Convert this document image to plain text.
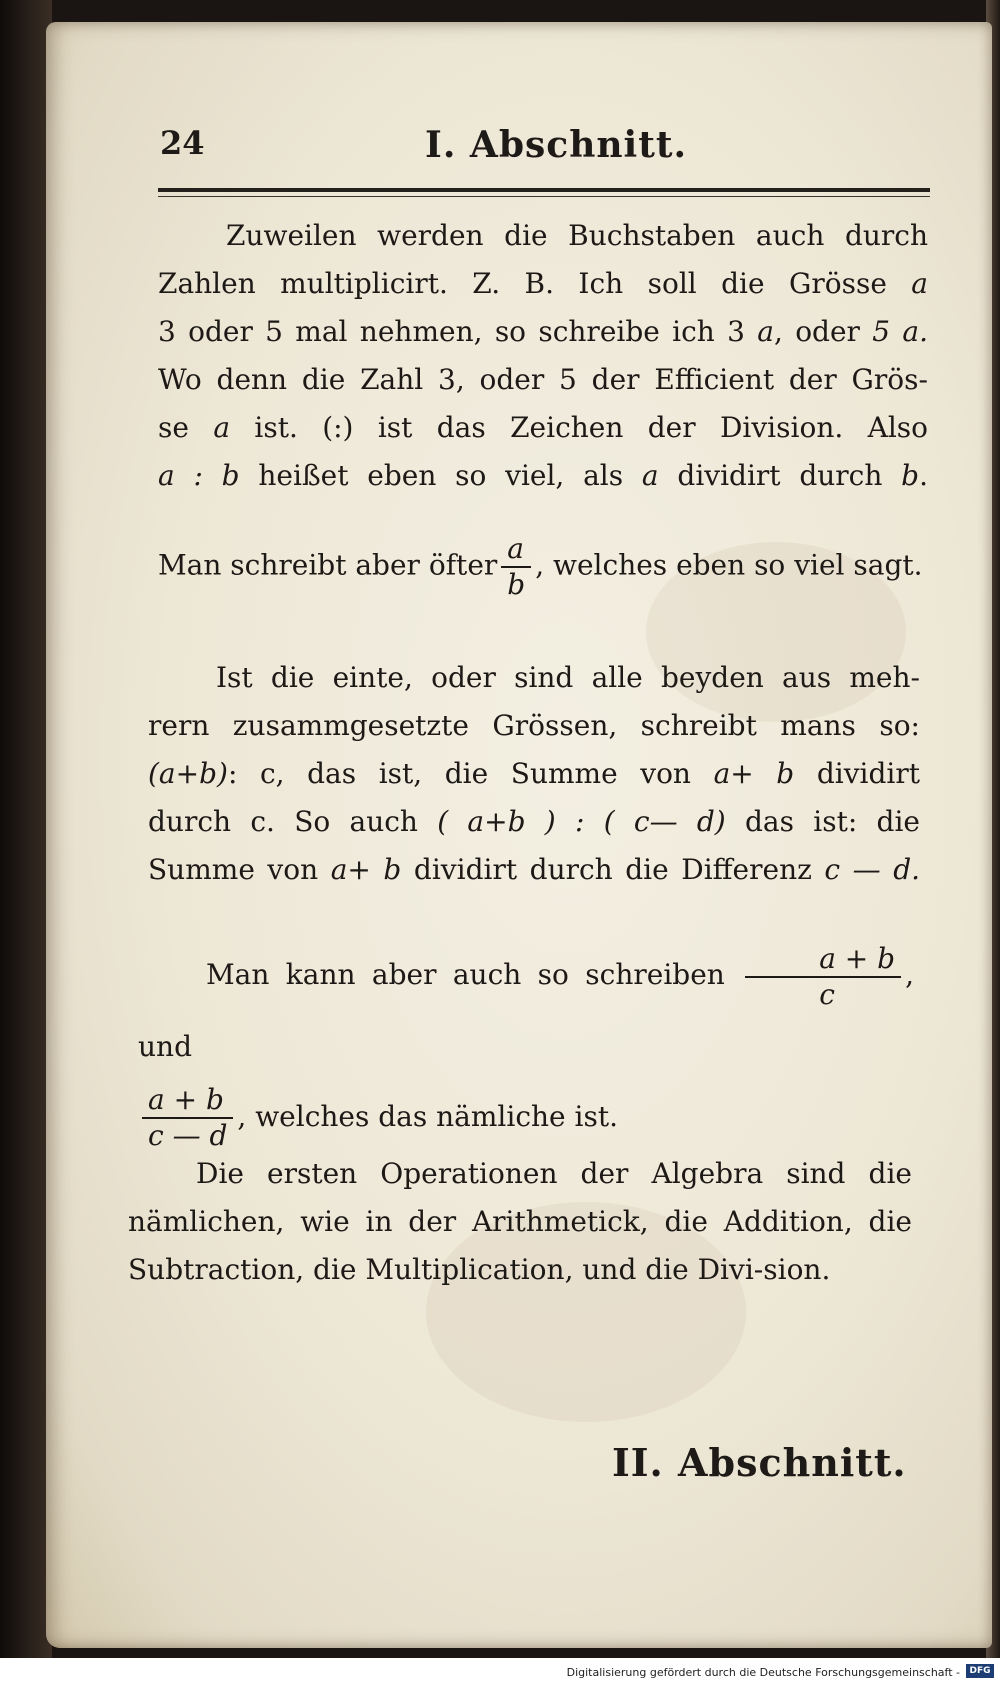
24	I. Abschnitt.
Zuweilen werden die Buchstaben auch durch
Zahlen multiplicirt. Z. B. Ich soll die Grösse a
3 oder 5 mal nehmen, so schreibe ich 3 a, oder 5 a.
Wo denn die Zahl 3, oder 5 der Efficient der Grös-
se a ist. (:) ist das Zeichen der Division. Also
a : b heißet eben so viel, als a dividirt durch b.
Man schreibt aber öfter $\frac{a}{b}$ , welches eben so viel sagt.
Ist die einte, oder sind alle beyden aus meh-
rern zusammgesetzte Grössen, schreibt mans so:
(a+b): c, das ist, die Summe von a+ b dividirt
durch c. So auch ( a+b ) : ( c— d) das ist: die
Summe von a+ b dividirt durch die Differenz c — d.
Man kann aber auch so schreiben $\frac{a + b}{c}$ , und
$\frac{a + b}{c — d}$ , welches das nämliche ist.
Die ersten Operationen der Algebra sind die nämlichen, wie in der Arithmetick, die Addition, die Subtraction, die Multiplication, und die Divi-sion.
II. Abschnitt.
Digitalisierung gefördert durch die Deutsche Forschungsgemeinschaft -	DFG
